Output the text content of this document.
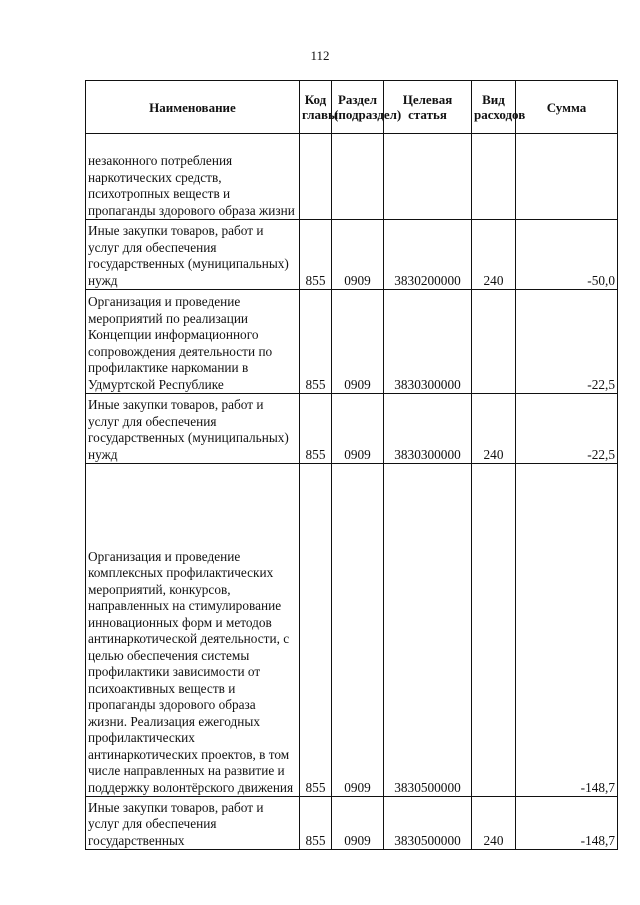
112
Наименование	Код главы	Раздел (подраздел)	Целевая статья	Вид расходов	Сумма
незаконного потребления наркотических средств, психотропных веществ и пропаганды здорового образа жизни					
Иные закупки товаров, работ и услуг для обеспечения государственных (муниципальных) нужд	855	0909	3830200000	240	-50,0
Организация и проведение мероприятий по реализации Концепции информационного сопровождения деятельности по профилактике наркомании в Удмуртской Республике	855	0909	3830300000		-22,5
Иные закупки товаров, работ и услуг для обеспечения государственных (муниципальных) нужд	855	0909	3830300000	240	-22,5
Организация и проведение комплексных профилактических мероприятий, конкурсов, направленных на стимулирование инновационных форм и методов антинаркотической деятельности, с целью обеспечения системы профилактики зависимости от психоактивных веществ и пропаганды здорового образа жизни. Реализация ежегодных профилактических антинаркотических проектов, в том числе направленных на развитие и поддержку волонтёрского движения	855	0909	3830500000		-148,7
Иные закупки товаров, работ и услуг для обеспечения государственных	855	0909	3830500000	240	-148,7
